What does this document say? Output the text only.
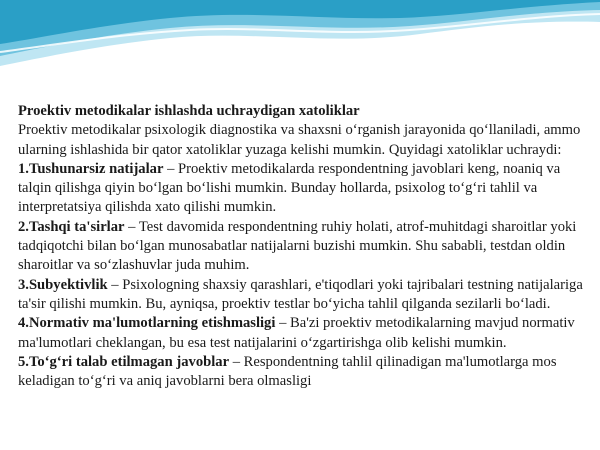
Proektiv metodikalar ishlashda uchraydigan xatoliklar

Proektiv metodikalar psixologik diagnostika va shaxsni o‘rganish jarayonida qo‘llaniladi, ammo ularning ishlashida bir qator xatoliklar yuzaga kelishi mumkin. Quyidagi xatoliklar uchraydi:

1.Tushunarsiz natijalar – Proektiv metodikalarda respondentning javoblari keng, noaniq va talqin qilishga qiyin bo‘lgan bo‘lishi mumkin. Bunday hollarda, psixolog to‘g‘ri tahlil va interpretatsiya qilishda xato qilishi mumkin.

2.Tashqi ta'sirlar – Test davomida respondentning ruhiy holati, atrof-muhitdagi sharoitlar yoki tadqiqotchi bilan bo‘lgan munosabatlar natijalarni buzishi mumkin. Shu sababli, testdan oldin sharoitlar va so‘zlashuvlar juda muhim.

3.Subyektivlik – Psixologning shaxsiy qarashlari, e'tiqodlari yoki tajribalari testning natijalariga ta'sir qilishi mumkin. Bu, ayniqsa, proektiv testlar bo‘yicha tahlil qilganda sezilarli bo‘ladi.

4.Normativ ma'lumotlarning etishmasligi – Ba'zi proektiv metodikalarning mavjud normativ ma'lumotlari cheklangan, bu esa test natijalarini o‘zgartirishga olib kelishi mumkin.

5.To‘g‘ri talab etilmagan javoblar – Respondentning tahlil qilinadigan ma'lumotlarga mos keladigan to‘g‘ri va aniq javoblarni bera olmasligi
